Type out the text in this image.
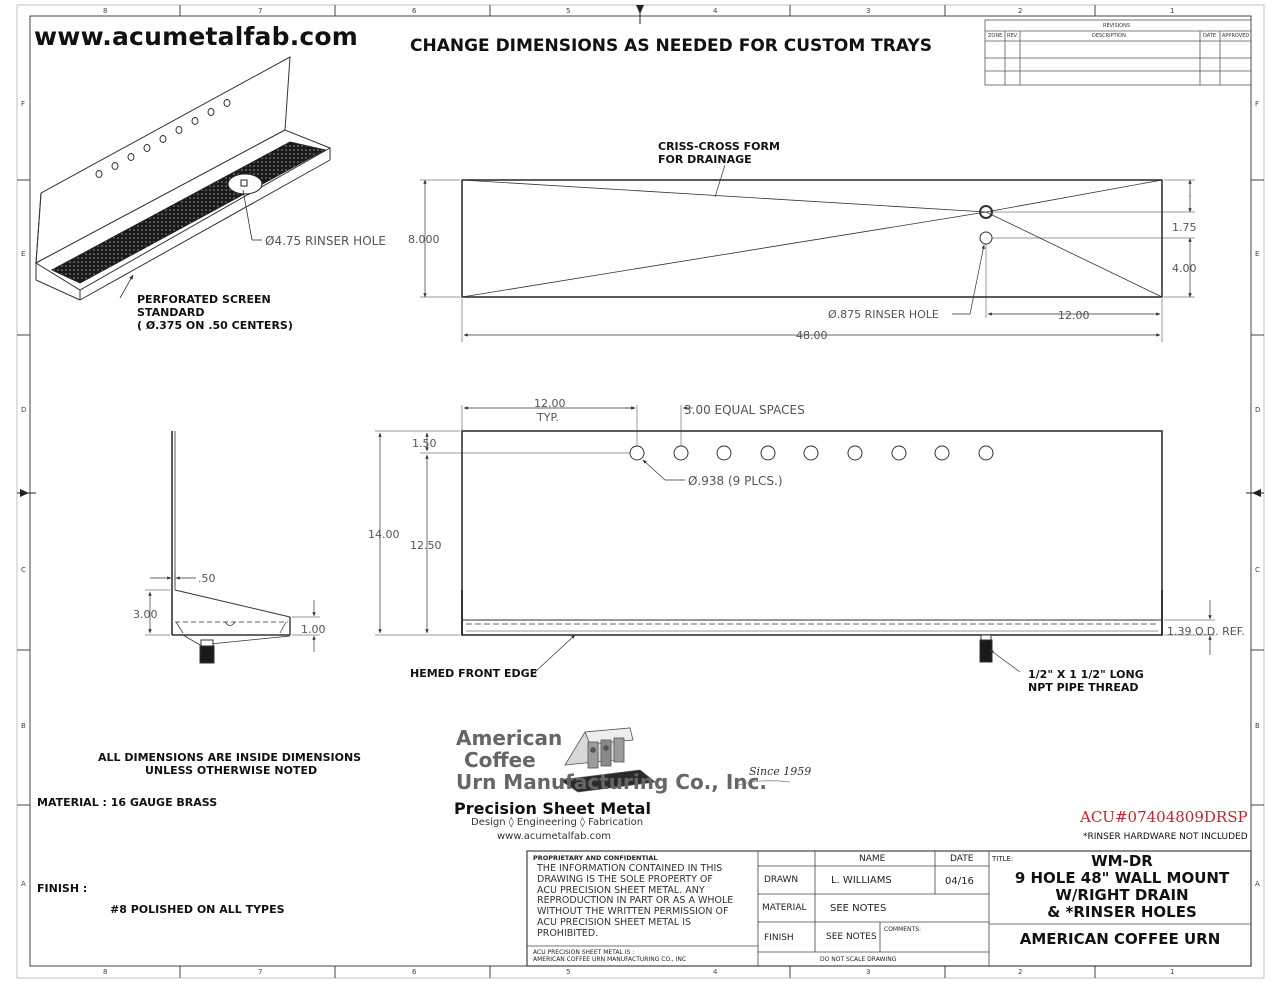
www.acumetalfab.com	CHANGE DIMENSIONS AS NEEDED FOR CUSTOM TRAYS
8	7	6	5	4	3	2	1
8	7	6	5	4	3	2	1
F
E
D
C
B
A
F
E
D
C
B
A
REVISIONS
ZONE REV.	DESCRIPTION	DATE APPROVED
Ø4.75 RINSER HOLE
PERFORATED SCREEN
STANDARD
( Ø.375 ON .50 CENTERS)
CRISS-CROSS FORM
FOR DRAINAGE
8.000
1.75
4.00
Ø.875 RINSER HOLE	12.00
48.00
12.00
TYP.
3.00 EQUAL SPACES
1.50
Ø.938 (9 PLCS.)
14.00
12.50
1.39 O.D. REF.
HEMED FRONT EDGE	1/2" X 1 1/2" LONG
NPT PIPE THREAD
.50
3.00
1.00
ALL DIMENSIONS ARE INSIDE DIMENSIONS
UNLESS OTHERWISE NOTED
MATERIAL : 16 GAUGE BRASS
FINISH :
#8 POLISHED ON ALL TYPES
American
Coffee
Urn Manufacturing Co., Inc.
Since 1959
Precision Sheet Metal
Design ◊ Engineering ◊ Fabrication
www.acumetalfab.com
ACU#07404809DRSP
*RINSER HARDWARE NOT INCLUDED
PROPRIETARY AND CONFIDENTIAL
THE INFORMATION CONTAINED IN THIS
DRAWING IS THE SOLE PROPERTY OF
ACU PRECISION SHEET METAL. ANY
REPRODUCTION IN PART OR AS A WHOLE
WITHOUT THE WRITTEN PERMISSION OF
ACU PRECISION SHEET METAL IS
PROHIBITED.
ACU PRECISION SHEET METAL IS :
AMERICAN COFFEE URN MANUFACTURING CO., INC
NAME	DATE
DRAWN	L. WILLIAMS	04/16
MATERIAL SEE NOTES
FINISH	SEE NOTES
COMMENTS:
DO NOT SCALE DRAWING
TITLE:	WM-DR
9 HOLE 48" WALL MOUNT
W/RIGHT DRAIN
& *RINSER HOLES
AMERICAN COFFEE URN
